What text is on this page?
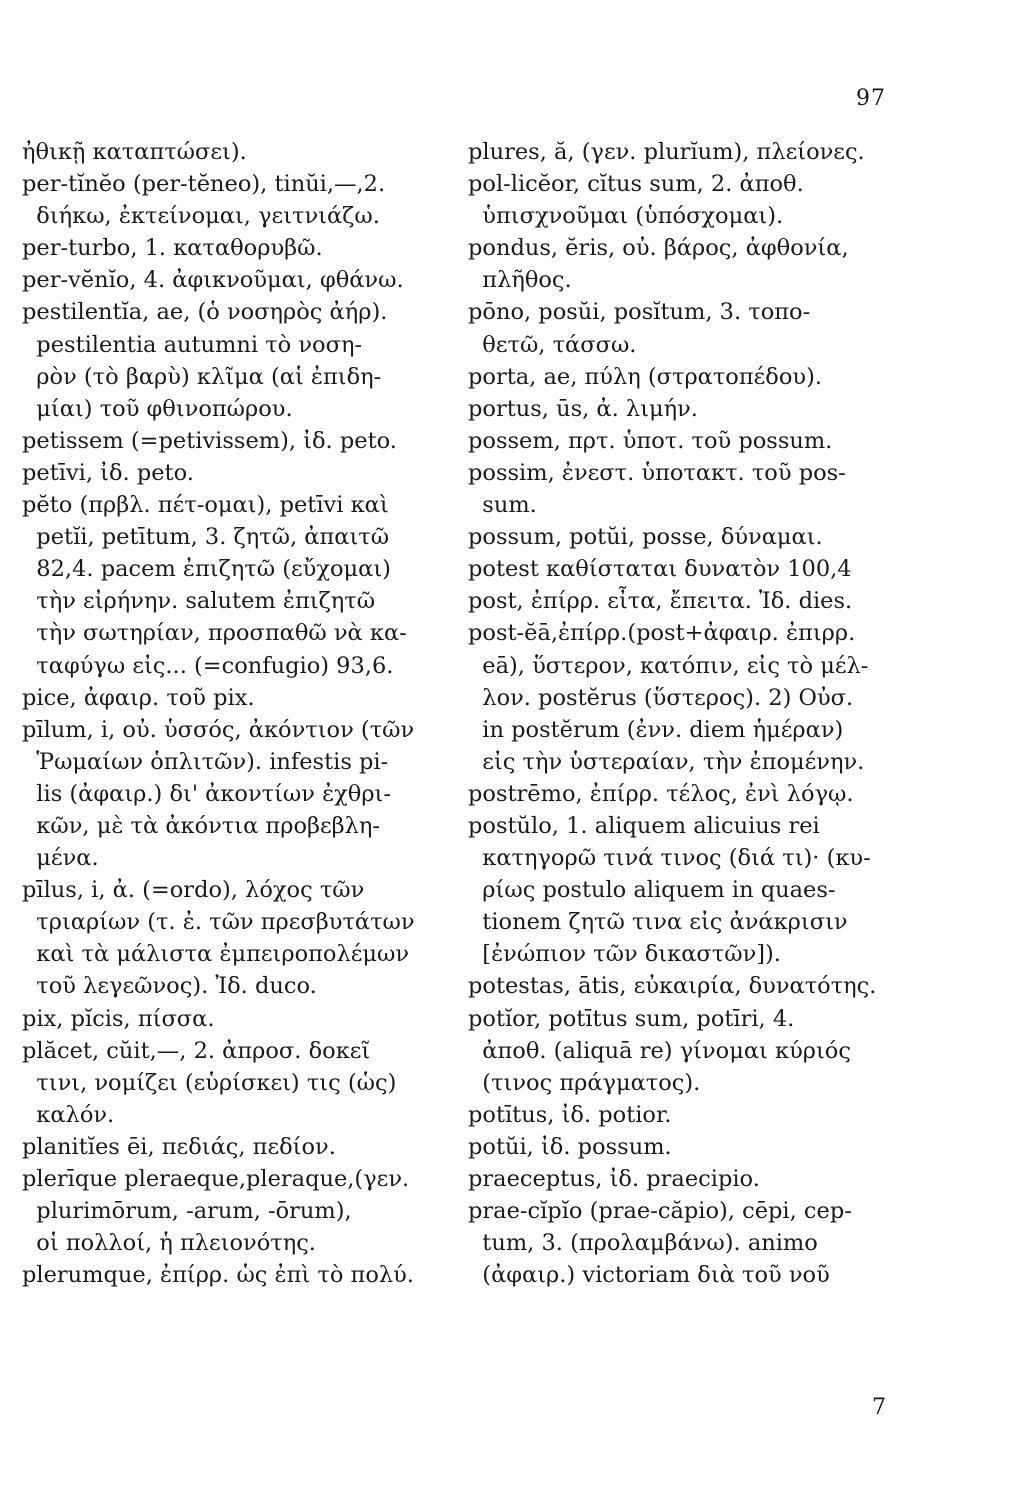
97
ἠθικῇ καταπτώσει).
per-tĭnĕo (per-tĕneo), tinŭi,—,2.
διήκω, ἐκτείνομαι, γειτνιάζω.
per-turbo, 1. καταθορυβῶ.
per-vĕnĭo, 4. ἀφικνοῦμαι, φθάνω.
pestilentĭa, ae, (ὁ νοσηρὸς ἀήρ).
pestilentia autumni τὸ νοση-
ρὸν (τὸ βαρὺ) κλῖμα (αἱ ἐπιδη-
μίαι) τοῦ φθινοπώρου.
petissem (=petivissem), ἰδ. peto.
petīvi, ἰδ. peto.
pĕto (πρβλ. πέτ-ομαι), petīvi καὶ
petĭi, petītum, 3. ζητῶ, ἀπαιτῶ
82,4. pacem ἐπιζητῶ (εὔχομαι)
τὴν εἰρήνην. salutem ἐπιζητῶ
τὴν σωτηρίαν, προσπαθῶ νὰ κα-
ταφύγω εἰς... (=confugio) 93,6.
pice, ἀφαιρ. τοῦ pix.
pīlum, i, οὐ. ὑσσός, ἀκόντιον (τῶν
Ῥωμαίων ὁπλιτῶν). infestis pi-
lis (ἀφαιρ.) δι' ἀκοντίων ἐχθρι-
κῶν, μὲ τὰ ἀκόντια προβεβλη-
μένα.
pīlus, i, ἀ. (=ordo), λόχος τῶν
τριαρίων (τ. ἐ. τῶν πρεσβυτάτων
καὶ τὰ μάλιστα ἐμπειροπολέμων
τοῦ λεγεῶνος). Ἰδ. duco.
pix, pĭcis, πίσσα.
plăcet, cŭit,—, 2. ἀπροσ. δοκεῖ
τινι, νομίζει (εὑρίσκει) τις (ὡς)
καλόν.
planitĭes ēi, πεδιάς, πεδίον.
plerīque pleraeque,pleraque,(γεν.
plurimōrum, -arum, -ōrum),
οἱ πολλοί, ἡ πλειονότης.
plerumque, ἐπίρρ. ὡς ἐπὶ τὸ πολύ.
plures, ă, (γεν. plurĭum), πλείονες.
pol-licĕor, cĭtus sum, 2. ἀποθ.
ὑπισχνοῦμαι (ὑπόσχομαι).
pondus, ĕris, οὐ. βάρος, ἀφθονία,
πλῆθος.
pōno, posŭi, posĭtum, 3. τοπο-
θετῶ, τάσσω.
porta, ae, πύλη (στρατοπέδου).
portus, ūs, ἀ. λιμήν.
possem, πρτ. ὑποτ. τοῦ possum.
possim, ἐνεστ. ὑποτακτ. τοῦ pos-
sum.
possum, potŭi, posse, δύναμαι.
potest καθίσταται δυνατὸν 100,4
post, ἐπίρρ. εἶτα, ἔπειτα. Ἰδ. dies.
post-ĕā,ἐπίρρ.(post+ἀφαιρ. ἐπιρρ.
eā), ὕστερον, κατόπιν, εἰς τὸ μέλ-
λον. postĕrus (ὕστερος). 2) Οὐσ.
in postĕrum (ἐνν. diem ἡμέραν)
εἰς τὴν ὑστεραίαν, τὴν ἐπομένην.
postrēmo, ἐπίρρ. τέλος, ἐνὶ λόγῳ.
postŭlo, 1. aliquem alicuius rei
κατηγορῶ τινά τινος (διά τι)· (κυ-
ρίως postulo aliquem in quaes-
tionem ζητῶ τινα εἰς ἀνάκρισιν
[ἐνώπιον τῶν δικαστῶν]).
potestas, ātis, εὐκαιρία, δυνατότης.
potĭor, potītus sum, potīri, 4.
ἀποθ. (aliquā re) γίνομαι κύριός
(τινος πράγματος).
potītus, ἰδ. potior.
potŭi, ἰδ. possum.
praeceptus, ἰδ. praecipio.
prae-cĭpĭo (prae-căpio), cēpi, cep-
tum, 3. (προλαμβάνω). animo
(ἀφαιρ.) victoriam διὰ τοῦ νοῦ
7
